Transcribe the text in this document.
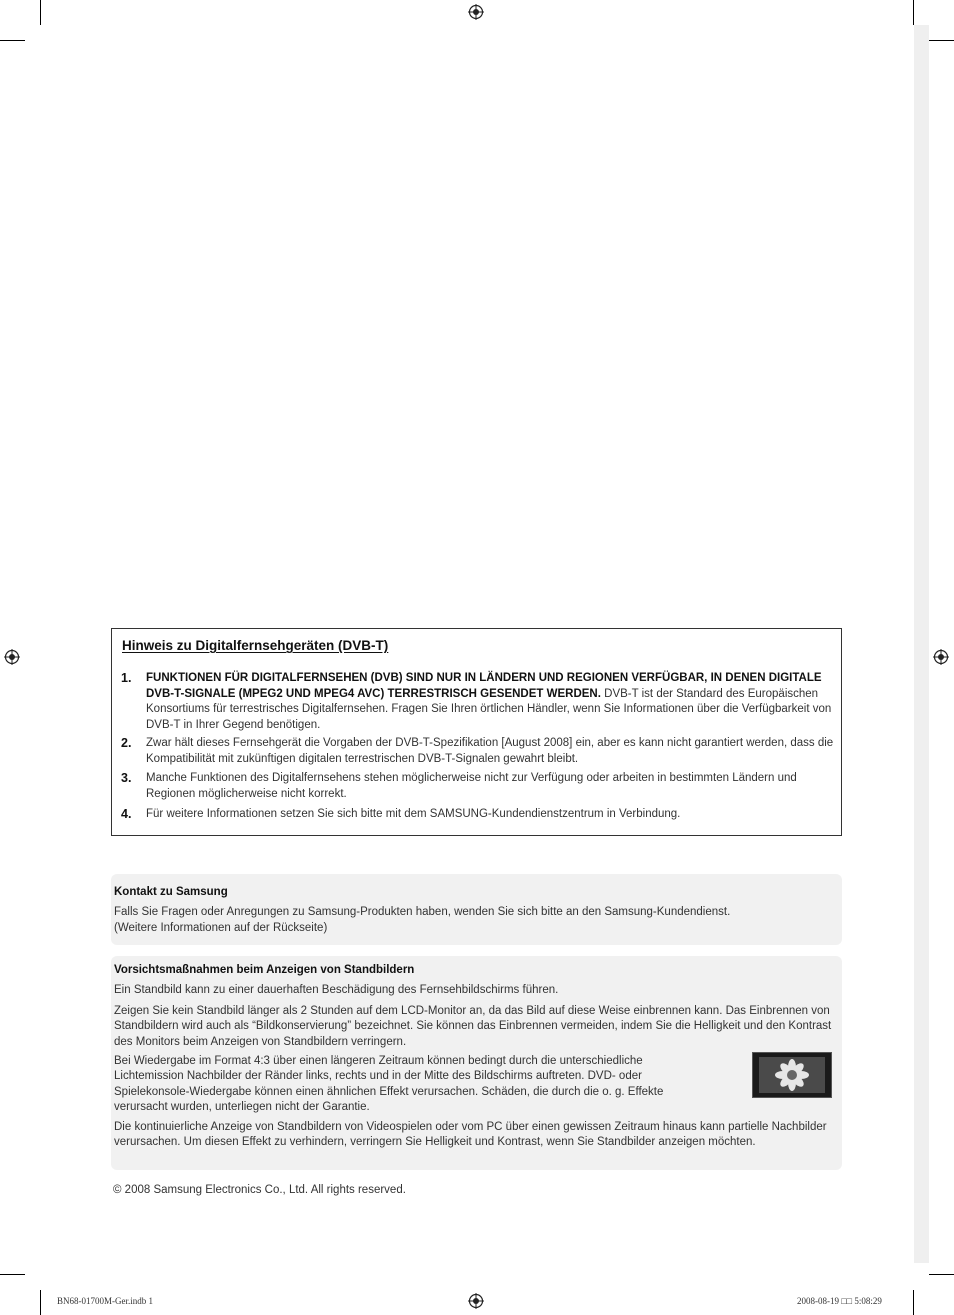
Hinweis zu Digitalfernsehgeräten (DVB-T)
1. FUNKTIONEN FÜR DIGITALFERNSEHEN (DVB) SIND NUR IN LÄNDERN UND REGIONEN VERFÜGBAR, IN DENEN DIGITALE DVB-T-SIGNALE (MPEG2 UND MPEG4 AVC) TERRESTRISCH GESENDET WERDEN. DVB-T ist der Standard des Europäischen Konsortiums für terrestrisches Digitalfernsehen. Fragen Sie Ihren örtlichen Händler, wenn Sie Informationen über die Verfügbarkeit von DVB-T in Ihrer Gegend benötigen.
2. Zwar hält dieses Fernsehgerät die Vorgaben der DVB-T-Spezifikation [August 2008] ein, aber es kann nicht garantiert werden, dass die Kompatibilität mit zukünftigen digitalen terrestrischen DVB-T-Signalen gewahrt bleibt.
3. Manche Funktionen des Digitalfernsehens stehen möglicherweise nicht zur Verfügung oder arbeiten in bestimmten Ländern und Regionen möglicherweise nicht korrekt.
4. Für weitere Informationen setzen Sie sich bitte mit dem SAMSUNG-Kundendienstzentrum in Verbindung.
Kontakt zu Samsung
Falls Sie Fragen oder Anregungen zu Samsung-Produkten haben, wenden Sie sich bitte an den Samsung-Kundendienst.
(Weitere Informationen auf der Rückseite)
Vorsichtsmaßnahmen beim Anzeigen von Standbildern
Ein Standbild kann zu einer dauerhaften Beschädigung des Fernsehbildschirms führen.
Zeigen Sie kein Standbild länger als 2 Stunden auf dem LCD-Monitor an, da das Bild auf diese Weise einbrennen kann. Das Einbrennen von Standbildern wird auch als “Bildkonservierung” bezeichnet. Sie können das Einbrennen vermeiden, indem Sie die Helligkeit und den Kontrast des Monitors beim Anzeigen von Standbildern verringern.
Bei Wiedergabe im Format 4:3 über einen längeren Zeitraum können bedingt durch die unterschiedliche Lichtemission Nachbilder der Ränder links, rechts und in der Mitte des Bildschirms auftreten. DVD- oder Spielekonsole-Wiedergabe können einen ähnlichen Effekt verursachen. Schäden, die durch die o. g. Effekte verursacht wurden, unterliegen nicht der Garantie.
Die kontinuierliche Anzeige von Standbildern von Videospielen oder vom PC über einen gewissen Zeitraum hinaus kann partielle Nachbilder verursachen. Um diesen Effekt zu verhindern, verringern Sie Helligkeit und Kontrast, wenn Sie Standbilder anzeigen möchten.
© 2008 Samsung Electronics Co., Ltd. All rights reserved.
BN68-01700M-Ger.indb 1	2008-08-19 □□ 5:08:29
